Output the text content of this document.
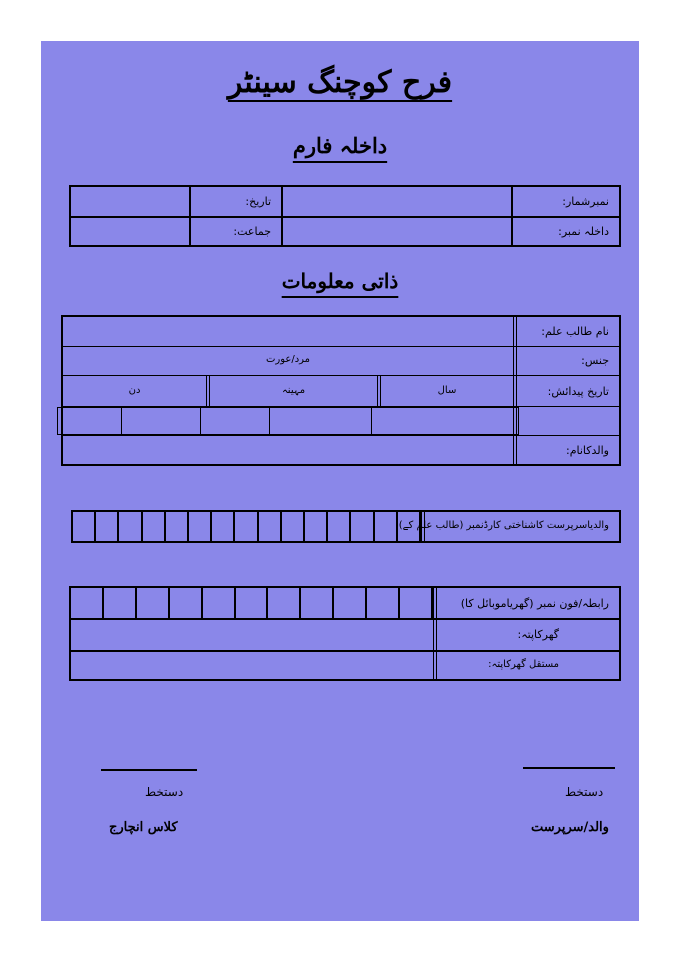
فرح کوچنگ سینٹر
داخلہ فارم
نمبرشمار:
تاریخ:
داخلہ نمبر:
جماعت:
ذاتی معلومات
نام طالب علم:
مرد/عورت	جنس:
دن	مہینہ	سال	تاریخ پیدائش:
والدکانام:
والدیاسرپرست کاشناختی کارڈنمبر (طالب علم کے)
رابطہ/فون نمبر (گھریاموبائل کا)
گھرکاپتہ:
مستقل گھرکاپتہ:
دستخط
کلاس انچارج
دستخط
والد/سرپرست
